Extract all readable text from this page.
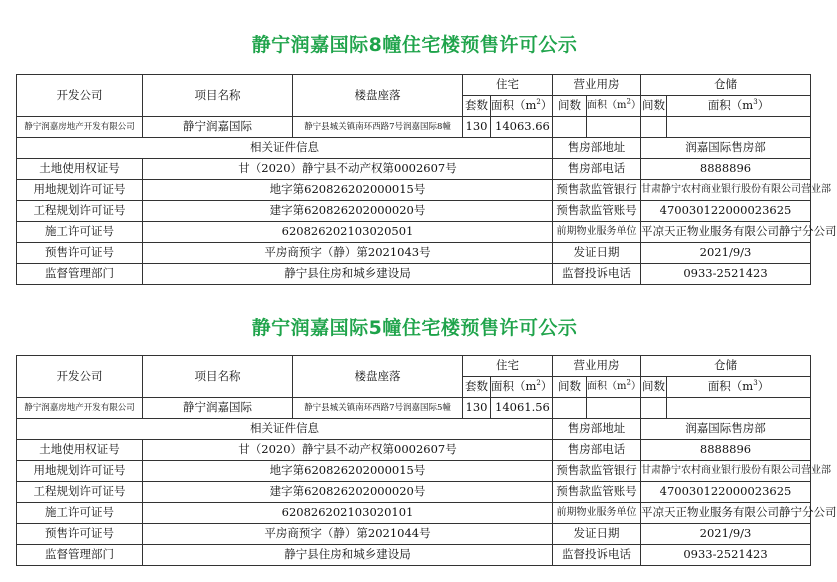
静宁润嘉国际8幢住宅楼预售许可公示
开发公司	项目名称	楼盘座落	住宅		营业用房		仓储	
			套数	面积$(m^2)$	间数	面积$(m^2)$	间数	面积$(m^3)$
静宁润嘉房地产开发有限公司	静宁润嘉国际	静宁县城关镇南环西路7号润嘉国际8幢	130	14063.66				
相关证件信息					售房部地址		润嘉国际售房部	
土地使用权证号	甘（2020）静宁县不动产权第0002607号				售房部电话		8888896	
用地规划许可证号	地字第620826202000015号				预售款监管银行		甘肃静宁农村商业银行股份有限公司营业部	
工程规划许可证号	建字第620826202000020号				预售款监管账号		470030122000023625	
施工许可证号	620826202103020501				前期物业服务单位		平凉天正物业服务有限公司静宁分公司	
预售许可证号	平房商预字（静）第2021043号				发证日期		2021/9/3	
监督管理部门	静宁县住房和城乡建设局				监督投诉电话		0933-2521423	
静宁润嘉国际5幢住宅楼预售许可公示
开发公司	项目名称	楼盘座落	住宅		营业用房		仓储	
			套数	面积$(m^2)$	间数	面积$(m^2)$	间数	面积$(m^3)$
静宁润嘉房地产开发有限公司	静宁润嘉国际	静宁县城关镇南环西路7号润嘉国际5幢	130	14061.56				
相关证件信息					售房部地址		润嘉国际售房部	
土地使用权证号	甘（2020）静宁县不动产权第0002607号				售房部电话		8888896	
用地规划许可证号	地字第620826202000015号				预售款监管银行		甘肃静宁农村商业银行股份有限公司营业部	
工程规划许可证号	建字第620826202000020号				预售款监管账号		470030122000023625	
施工许可证号	620826202103020101				前期物业服务单位		平凉天正物业服务有限公司静宁分公司	
预售许可证号	平房商预字（静）第2021044号				发证日期		2021/9/3	
监督管理部门	静宁县住房和城乡建设局				监督投诉电话		0933-2521423	
